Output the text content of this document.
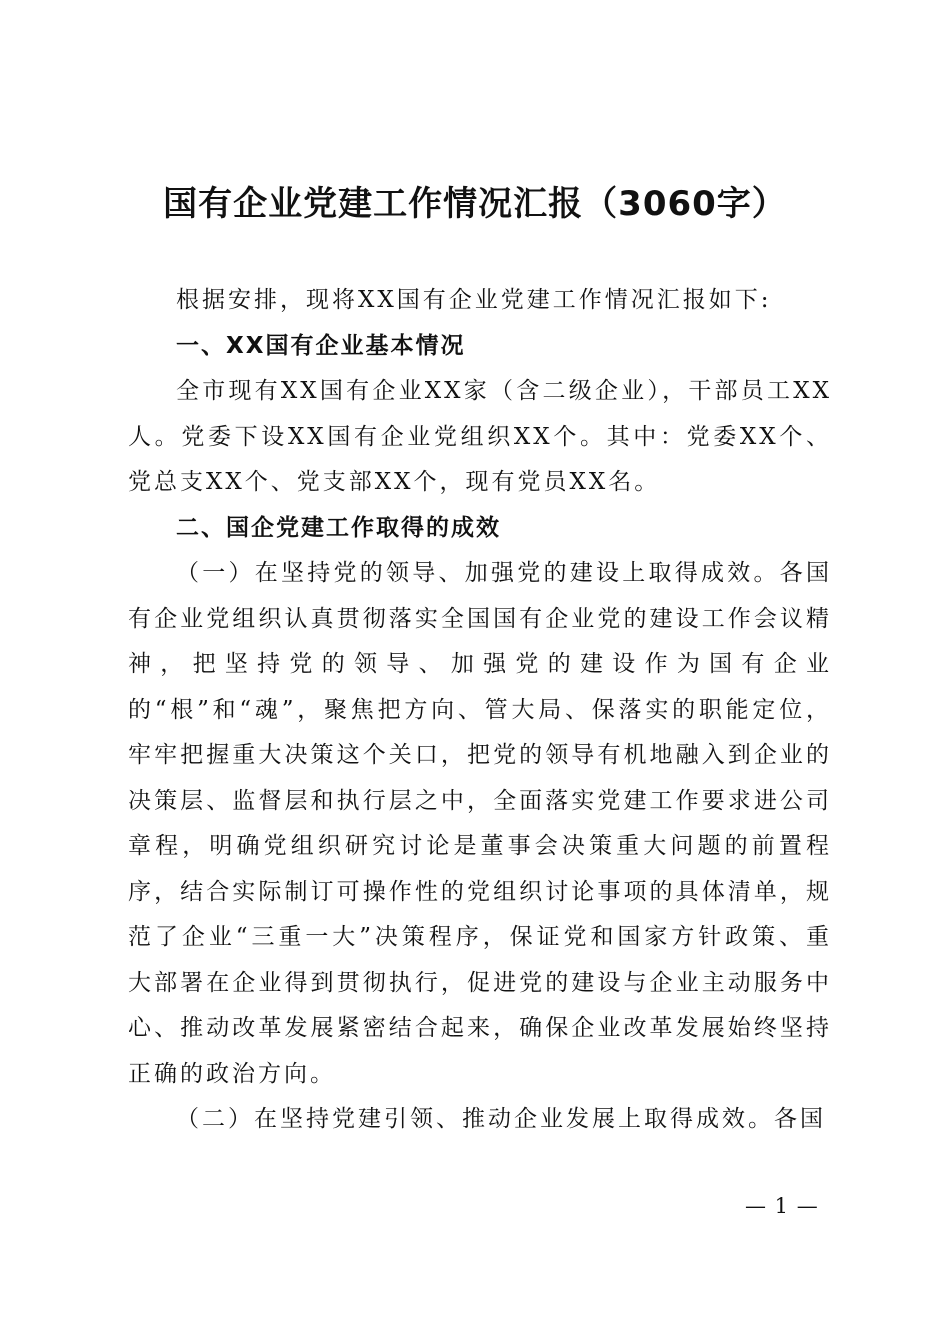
国有企业党建工作情况汇报（3060字）

根据安排，现将XX国有企业党建工作情况汇报如下:

一、XX国有企业基本情况

全市现有XX国有企业XX家（含二级企业），干部员工XX人。党委下设XX国有企业党组织XX个。其中：党委XX个、党总支XX个、党支部XX个，现有党员XX名。

二、国企党建工作取得的成效

（一）在坚持党的领导、加强党的建设上取得成效。各国有企业党组织认真贯彻落实全国国有企业党的建设工作会议精神，把坚持党的领导、加强党的建设作为国有企业的“根”和“魂”，聚焦把方向、管大局、保落实的职能定位，牢牢把握重大决策这个关口，把党的领导有机地融入到企业的决策层、监督层和执行层之中，全面落实党建工作要求进公司章程，明确党组织研究讨论是董事会决策重大问题的前置程序，结合实际制订可操作性的党组织讨论事项的具体清单，规范了企业“三重一大”决策程序，保证党和国家方针政策、重大部署在企业得到贯彻执行，促进党的建设与企业主动服务中心、推动改革发展紧密结合起来，确保企业改革发展始终坚持正确的政治方向。

（二）在坚持党建引领、推动企业发展上取得成效。各国

— 1 —
